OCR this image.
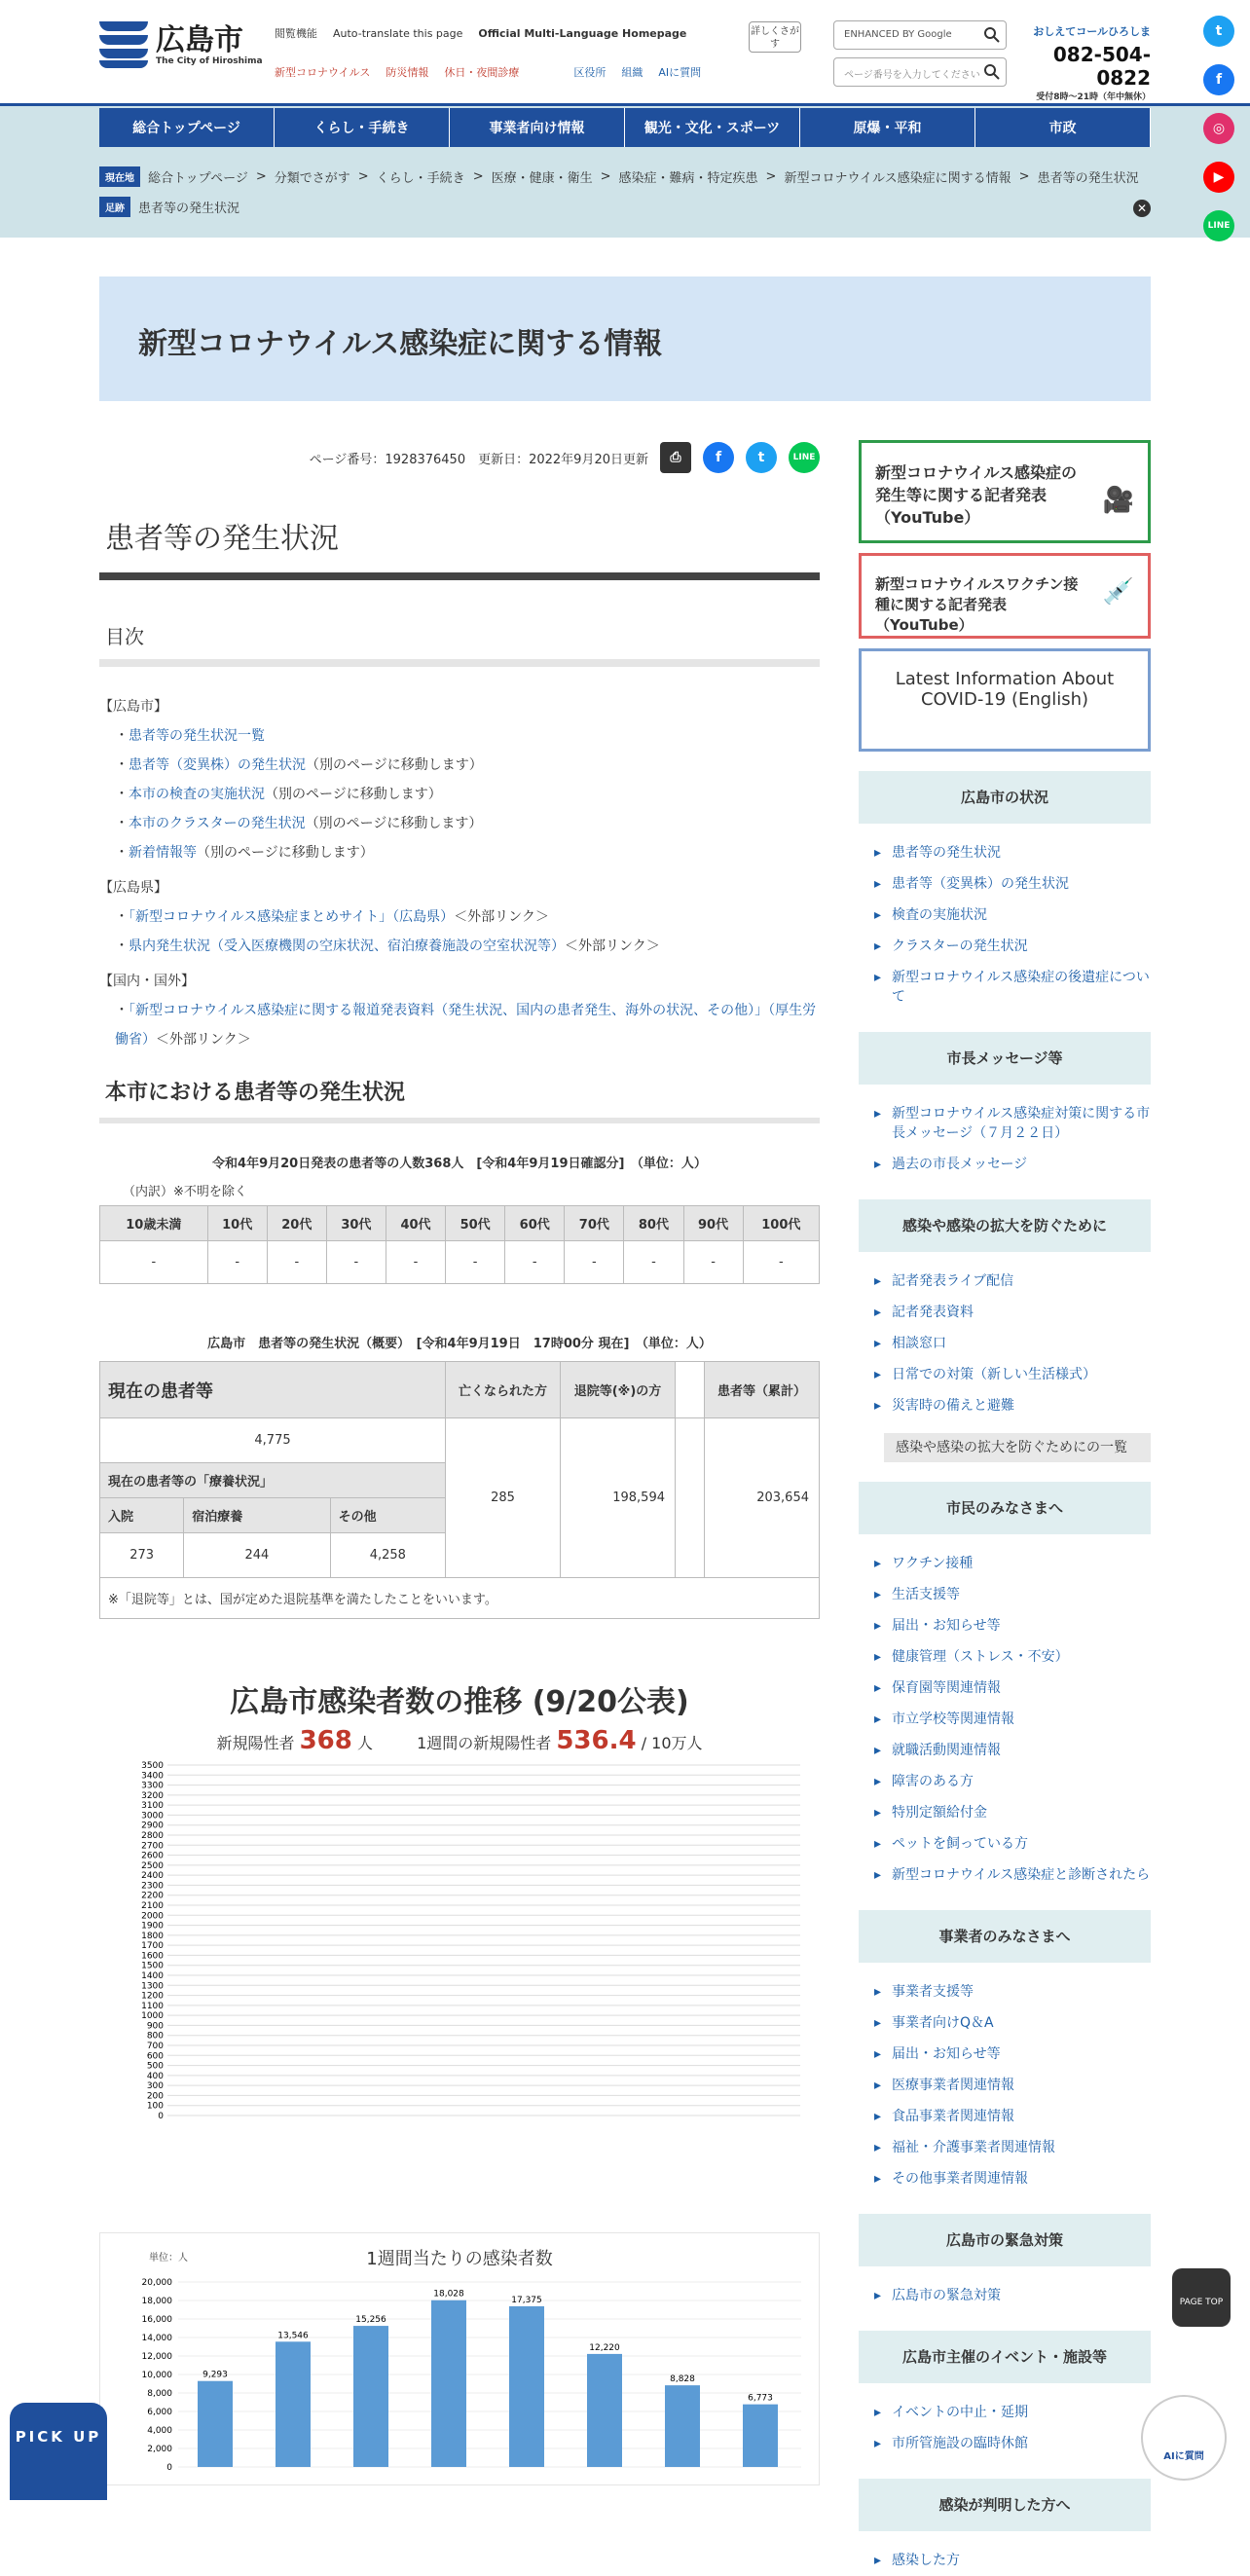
広島市
The City of Hiroshima
閲覧機能 Auto-translate this page Official Multi-Language Homepage
新型コロナウイルス 防災情報 休日・夜間診療	区役所 組織 AIに質問
詳しくさがす
ENHANCED BY Google
ページ番号を入力してください
おしえてコールひろしま
082-504-0822
受付8時～21時（年中無休）
総合トップページ	くらし・手続き	事業者向け情報	観光・文化・スポーツ	原爆・平和	市政
現在地	総合トップページ > 分類でさがす > くらし・手続き > 医療・健康・衛生 > 感染症・難病・特定疾患 > 新型コロナウイルス感染症に関する情報 > 患者等の発生状況
足跡	患者等の発生状況	✕
t
f
◎
▶
LINE
新型コロナウイルス感染症に関する情報
ページ番号：1928376450　更新日：2022年9月20日更新	⎙	f	t	LINE
患者等の発生状況
目次
【広島市】
・患者等の発生状況一覧
・患者等（変異株）の発生状況（別のページに移動します）
・本市の検査の実施状況（別のページに移動します）
・本市のクラスターの発生状況（別のページに移動します）
・新着情報等（別のページに移動します）
【広島県】
・「新型コロナウイルス感染症まとめサイト」（広島県）＜外部リンク＞
・県内発生状況（受入医療機関の空床状況、宿泊療養施設の空室状況等）＜外部リンク＞
【国内・国外】
・「新型コロナウイルス感染症に関する報道発表資料（発生状況、国内の患者発生、海外の状況、その他）」（厚生労働省）＜外部リンク＞
本市における患者等の発生状況
令和4年9月20日発表の患者等の人数368人　[令和4年9月19日確認分]　（単位：人）
（内訳）※不明を除く
10歳未満	10代	20代	30代	40代	50代	60代	70代	80代	90代	100代
-	-	-	-	-	-	-	-	-	-	-
広島市　患者等の発生状況（概要）　[令和4年9月19日　17時00分 現在]　（単位：人）
現在の患者等			亡くなられた方	退院等(※)の方		患者等（累計）
4,775			285	198,594		203,654
現在の患者等の「療養状況」						
入院	宿泊療養	その他				
273	244	4,258				
※「退院等」とは、国が定めた退院基準を満たしたことをいいます。						
広島市感染者数の推移 (9/20公表)
新規陽性者 368 人	1週間の新規陽性者 536.4 / 10万人
0
100
200
300
400
500
600
700
800
900
1000
1100
1200
1300
1400
1500
1600
1700
1800
1900
2000
2100
2200
2300
2400
2500
2600
2700
2800
2900
3000
3100
3200
3300
3400
3500
1週間当たりの感染者数
単位：人
0
2,000
4,000
6,000
8,000
10,000
12,000
14,000
16,000
18,000
20,000
9,293
13,546
15,256
18,028
17,375
12,220
8,828
6,773
新型コロナウイルス感染症の発生等に関する記者発表（YouTube）
🎥
新型コロナウイルスワクチン接種に関する記者発表（YouTube）
💉
Latest Information About COVID-19 (English)
広島市の状況
▸ 患者等の発生状況
▸ 患者等（変異株）の発生状況
▸ 検査の実施状況
▸ クラスターの発生状況
▸ 新型コロナウイルス感染症の後遺症について
市長メッセージ等
▸ 新型コロナウイルス感染症対策に関する市長メッセージ（７月２２日）
▸ 過去の市長メッセージ
感染や感染の拡大を防ぐために
▸ 記者発表ライブ配信
▸ 記者発表資料
▸ 相談窓口
▸ 日常での対策（新しい生活様式）
▸ 災害時の備えと避難
感染や感染の拡大を防ぐためにの一覧
市民のみなさまへ
▸ ワクチン接種
▸ 生活支援等
▸ 届出・お知らせ等
▸ 健康管理（ストレス・不安）
▸ 保育園等関連情報
▸ 市立学校等関連情報
▸ 就職活動関連情報
▸ 障害のある方
▸ 特別定額給付金
▸ ペットを飼っている方
▸ 新型コロナウイルス感染症と診断されたら
事業者のみなさまへ
▸ 事業者支援等
▸ 事業者向けQ＆A
▸ 届出・お知らせ等
▸ 医療事業者関連情報
▸ 食品事業者関連情報
▸ 福祉・介護事業者関連情報
▸ その他事業者関連情報
広島市の緊急対策
▸ 広島市の緊急対策
広島市主催のイベント・施設等
▸ イベントの中止・延期
▸ 市所管施設の臨時休館
感染が判明した方へ
▸ 感染した方
PAGE TOP
PICK UP
AIに質問
